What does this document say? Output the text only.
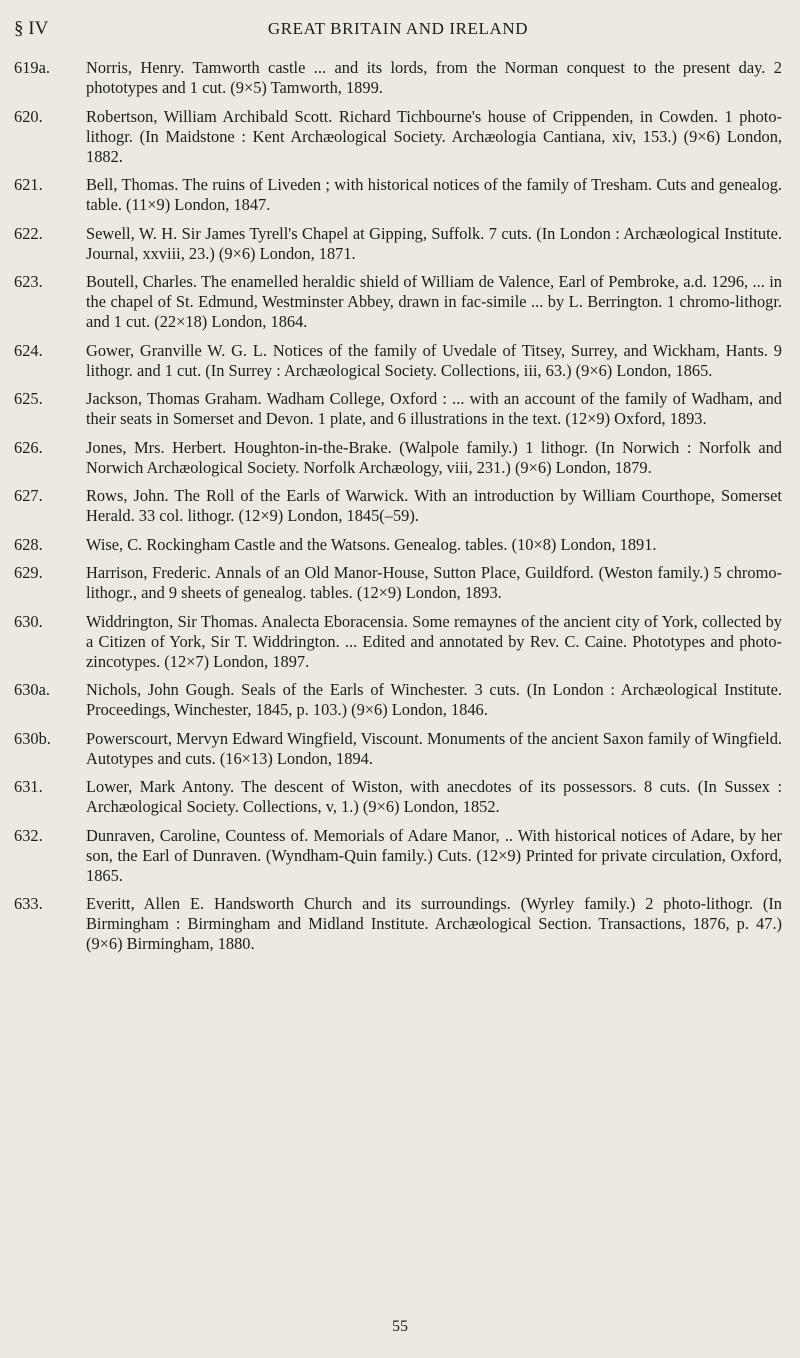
§ IV	GREAT BRITAIN AND IRELAND
619a. Norris, Henry. Tamworth castle ... and its lords, from the Norman conquest to the present day. 2 phototypes and 1 cut. (9×5) Tamworth, 1899.
620.	Robertson, William Archibald Scott. Richard Tichbourne's house of Crippenden, in Cowden. 1 photo-lithogr. (In Maidstone : Kent Archæological Society. Archæologia Cantiana, xiv, 153.) (9×6) London, 1882.
621.	Bell, Thomas. The ruins of Liveden ; with historical notices of the family of Tresham. Cuts and genealog. table. (11×9) London, 1847.
622.	Sewell, W. H. Sir James Tyrell's Chapel at Gipping, Suffolk. 7 cuts. (In London : Archæological Institute. Journal, xxviii, 23.) (9×6) London, 1871.
623.	Boutell, Charles. The enamelled heraldic shield of William de Valence, Earl of Pembroke, a.d. 1296, ... in the chapel of St. Edmund, Westminster Abbey, drawn in fac-simile ... by L. Berrington. 1 chromo-lithogr. and 1 cut. (22×18) London, 1864.
624.	Gower, Granville W. G. L. Notices of the family of Uvedale of Titsey, Surrey, and Wickham, Hants. 9 lithogr. and 1 cut. (In Surrey : Archæological Society. Collections, iii, 63.) (9×6) London, 1865.
625.	Jackson, Thomas Graham. Wadham College, Oxford : ... with an account of the family of Wadham, and their seats in Somerset and Devon. 1 plate, and 6 illustrations in the text. (12×9) Oxford, 1893.
626.	Jones, Mrs. Herbert. Houghton-in-the-Brake. (Walpole family.) 1 lithogr. (In Norwich : Norfolk and Norwich Archæological Society. Norfolk Archæology, viii, 231.) (9×6) London, 1879.
627.	Rows, John. The Roll of the Earls of Warwick. With an introduction by William Courthope, Somerset Herald. 33 col. lithogr. (12×9) London, 1845(–59).
628.	Wise, C. Rockingham Castle and the Watsons. Genealog. tables. (10×8) London, 1891.
629.	Harrison, Frederic. Annals of an Old Manor-House, Sutton Place, Guildford. (Weston family.) 5 chromo-lithogr., and 9 sheets of genealog. tables. (12×9) London, 1893.
630.	Widdrington, Sir Thomas. Analecta Eboracensia. Some remaynes of the ancient city of York, collected by a Citizen of York, Sir T. Widdrington. ... Edited and annotated by Rev. C. Caine. Phototypes and photo-zincotypes. (12×7) London, 1897.
630a. Nichols, John Gough. Seals of the Earls of Winchester. 3 cuts. (In London : Archæological Institute. Proceedings, Winchester, 1845, p. 103.) (9×6) London, 1846.
630b. Powerscourt, Mervyn Edward Wingfield, Viscount. Monuments of the ancient Saxon family of Wingfield. Autotypes and cuts. (16×13) London, 1894.
631.	Lower, Mark Antony. The descent of Wiston, with anecdotes of its possessors. 8 cuts. (In Sussex : Archæological Society. Collections, v, 1.) (9×6) London, 1852.
632.	Dunraven, Caroline, Countess of. Memorials of Adare Manor, .. With historical notices of Adare, by her son, the Earl of Dunraven. (Wyndham-Quin family.) Cuts. (12×9) Printed for private circulation, Oxford, 1865.
633.	Everitt, Allen E. Handsworth Church and its surroundings. (Wyrley family.) 2 photo-lithogr. (In Birmingham : Birmingham and Midland Institute. Archæological Section. Transactions, 1876, p. 47.) (9×6) Birmingham, 1880.
55
